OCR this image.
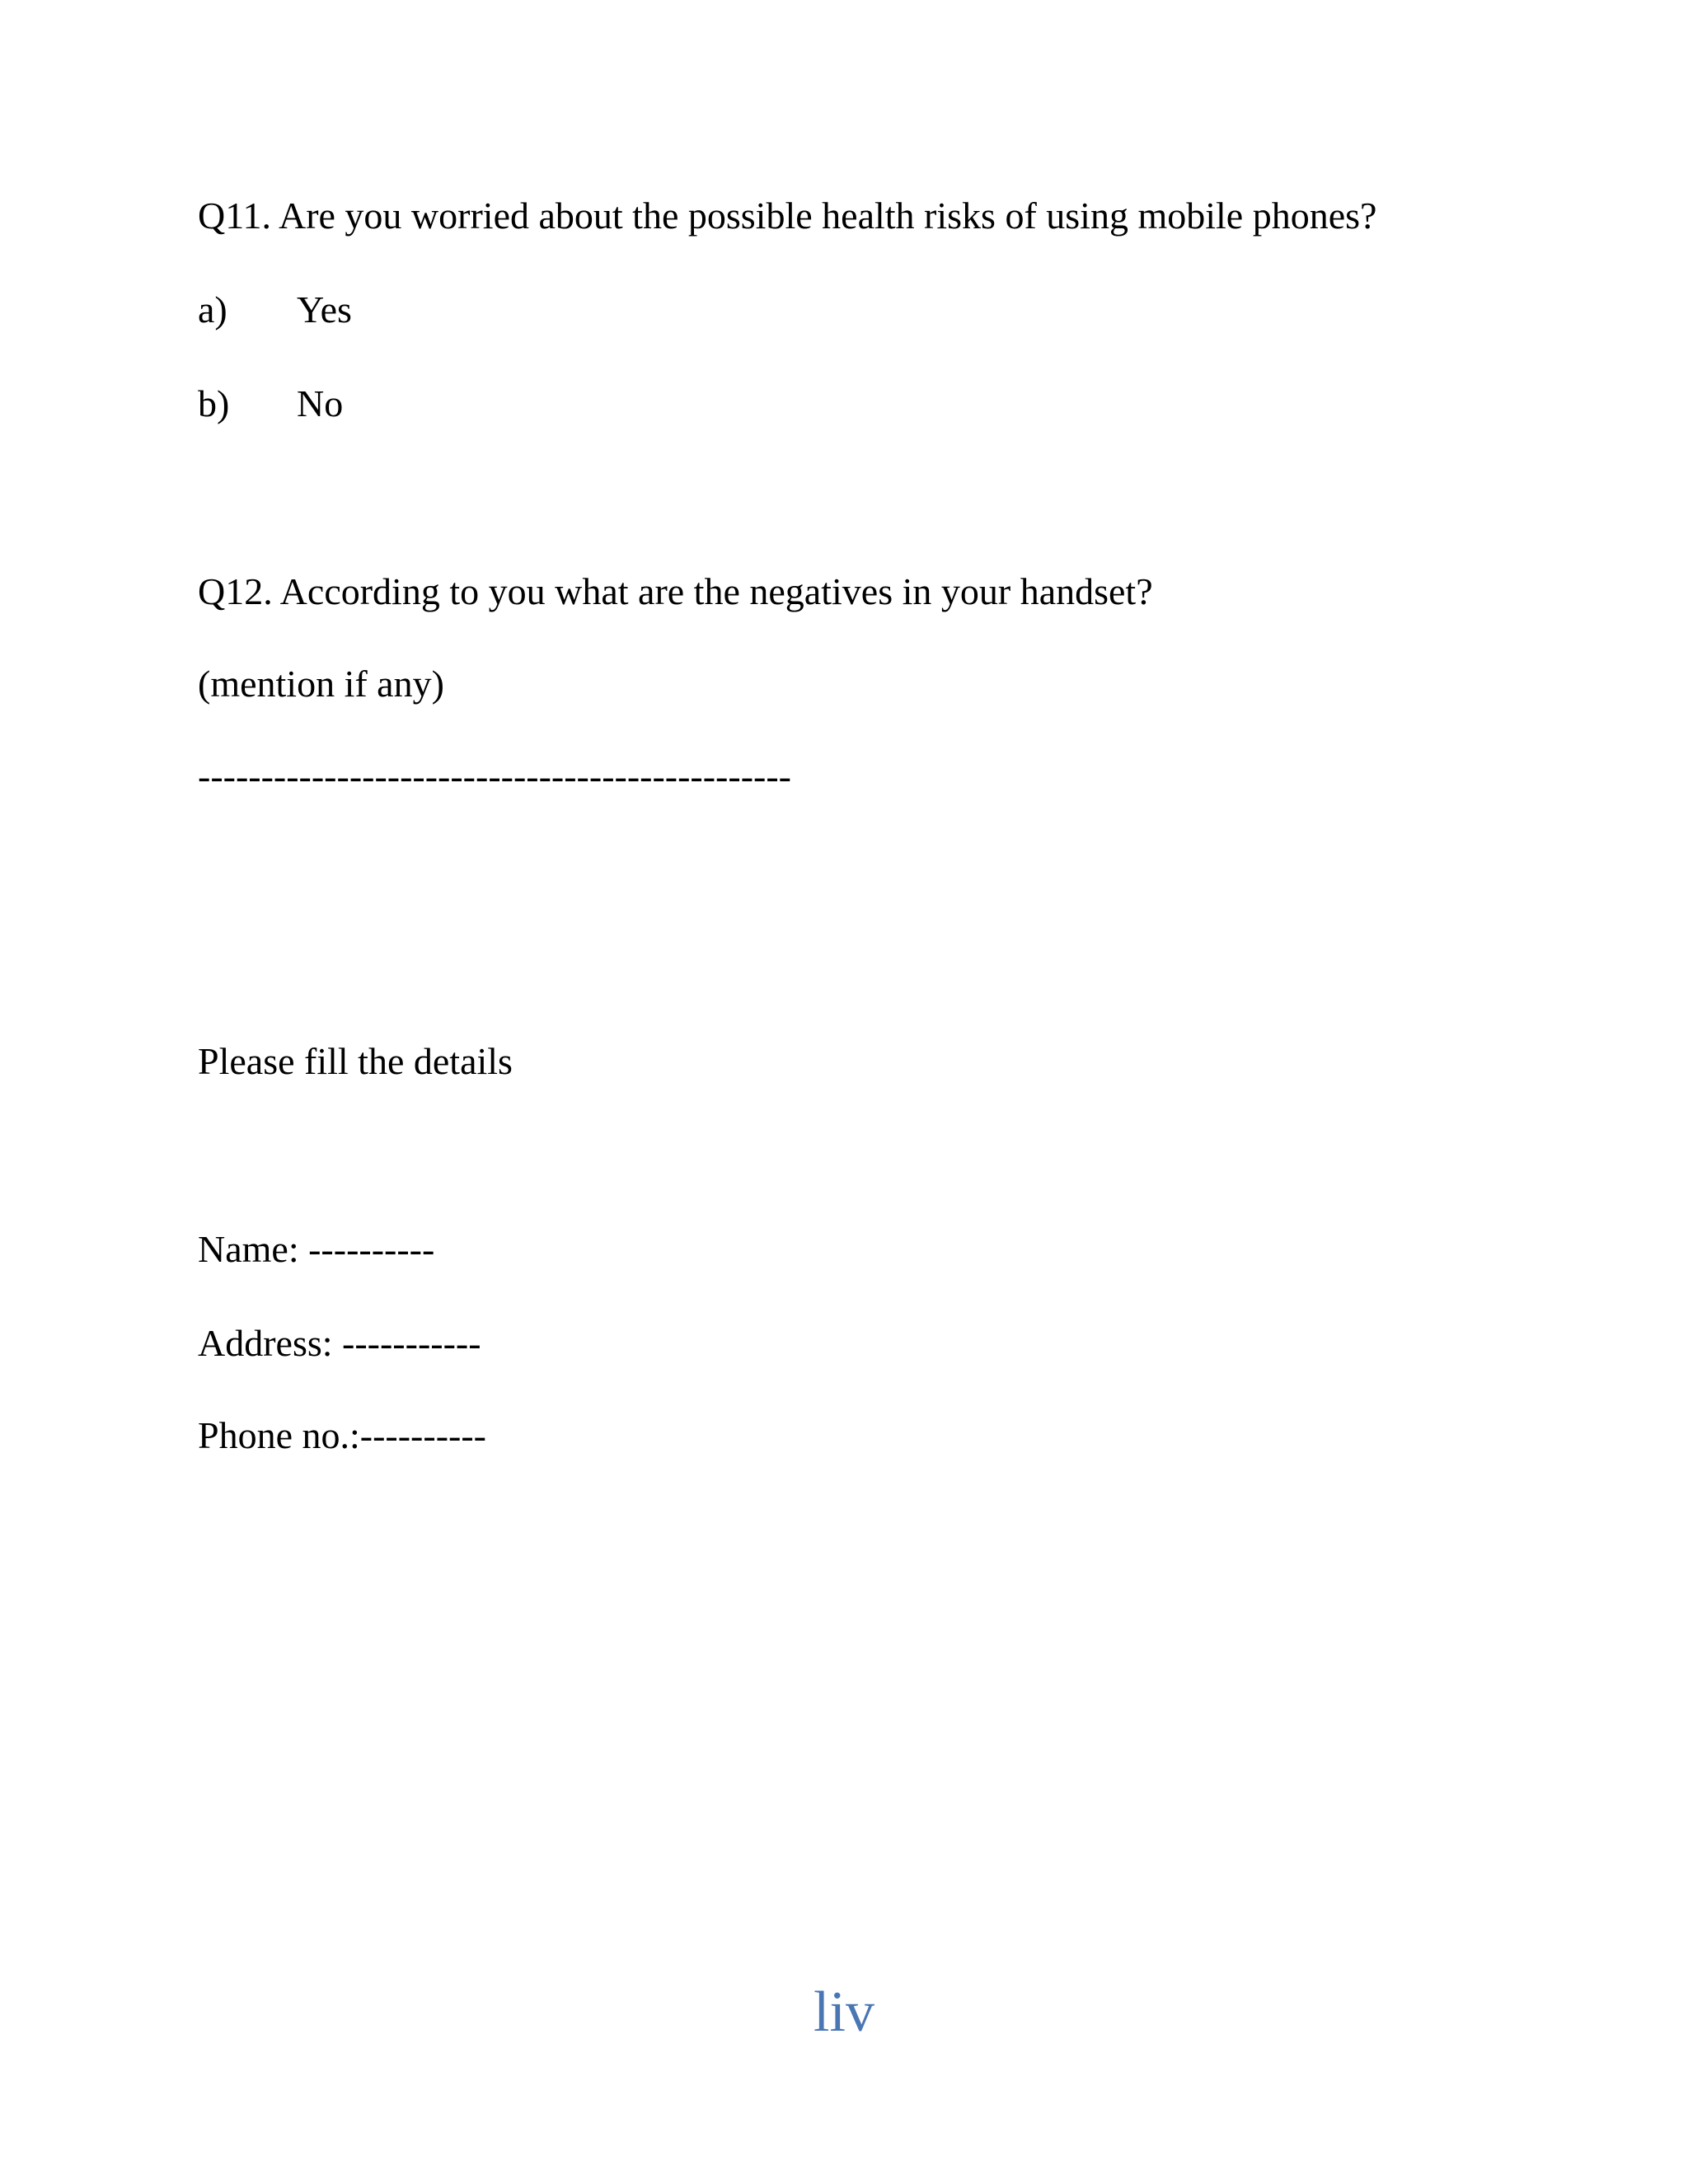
Q11. Are you worried about the possible health risks of using mobile phones?
a) Yes
b) No
Q12. According to you what are the negatives in your handset?
(mention if any)
-----------------------------------------------
Please fill the details
Name: ----------
Address: -----------
Phone no.:----------
liv
